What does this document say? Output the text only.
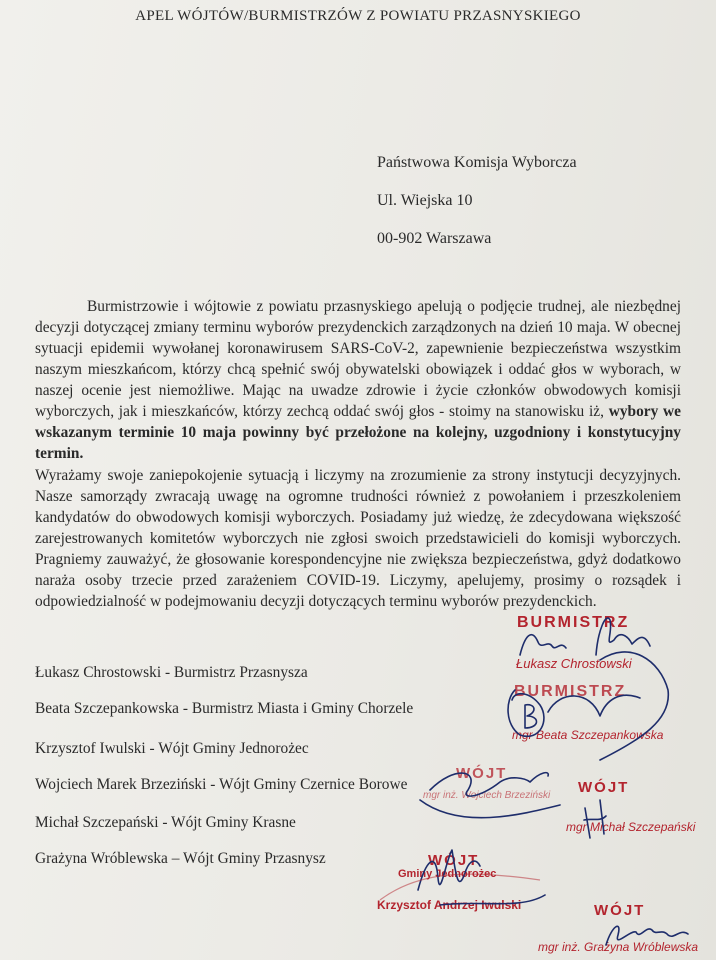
APEL WÓJTÓW/BURMISTRZÓW Z POWIATU PRZASNYSKIEGO
Państwowa Komisja Wyborcza
Ul. Wiejska 10
00-902 Warszawa

Burmistrzowie i wójtowie z powiatu przasnyskiego apelują o podjęcie trudnej, ale niezbędnej decyzji dotyczącej zmiany terminu wyborów prezydenckich zarządzonych na dzień 10 maja. W obecnej sytuacji epidemii wywołanej koronawirusem SARS-CoV-2, zapewnienie bezpieczeństwa wszystkim naszym mieszkańcom, którzy chcą spełnić swój obywatelski obowiązek i oddać głos w wyborach, w naszej ocenie jest niemożliwe. Mając na uwadze zdrowie i życie członków obwodowych komisji wyborczych, jak i mieszkańców, którzy zechcą oddać swój głos - stoimy na stanowisku iż, wybory we wskazanym terminie 10 maja powinny być przełożone na kolejny, uzgodniony i konstytucyjny termin.

Wyrażamy swoje zaniepokojenie sytuacją i liczymy na zrozumienie za strony instytucji decyzyjnych. Nasze samorządy zwracają uwagę na ogromne trudności również z powołaniem i przeszkoleniem kandydatów do obwodowych komisji wyborczych. Posiadamy już wiedzę, że zdecydowana większość zarejestrowanych komitetów wyborczych nie zgłosi swoich przedstawicieli do komisji wyborczych. Pragniemy zauważyć, że głosowanie korespondencyjne nie zwiększa bezpieczeństwa, gdyż dodatkowo naraża osoby trzecie przed zarażeniem COVID-19. Liczymy, apelujemy, prosimy o rozsądek i odpowiedzialność w podejmowaniu decyzji dotyczących terminu wyborów prezydenckich.

Łukasz Chrostowski - Burmistrz Przasnysza
Beata Szczepankowska - Burmistrz Miasta i Gminy Chorzele
Krzysztof Iwulski - Wójt Gminy Jednorożec
Wojciech Marek Brzeziński - Wójt Gminy Czernice Borowe
Michał Szczepański - Wójt Gminy Krasne
Grażyna Wróblewska – Wójt Gminy Przasnysz
BURMISTRZ
Łukasz Chrostowski
BURMISTRZ
mgr Beata Szczepankowska
WÓJT
mgr inż. Wojciech Brzeziński WÓJT
mgr Michał Szczepański
WÓJT
Gminy Jednorożec
Krzysztof Andrzej Iwulski	WÓJT
mgr inż. Grażyna Wróblewska
